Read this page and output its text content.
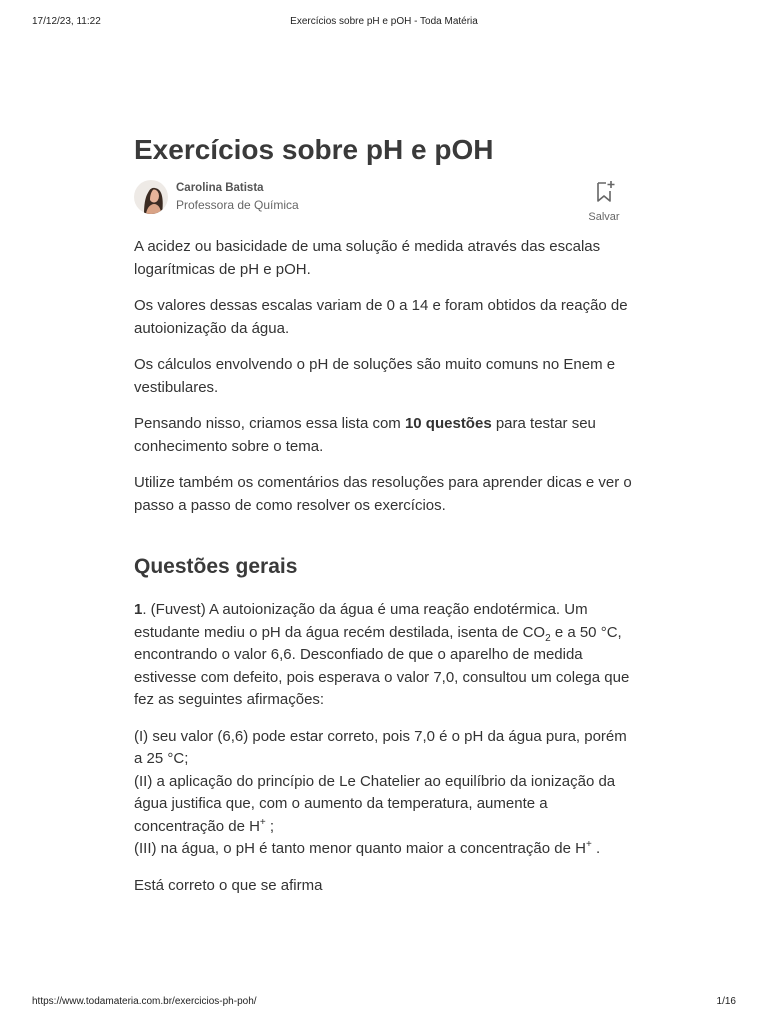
17/12/23, 11:22	Exercícios sobre pH e pOH - Toda Matéria
Exercícios sobre pH e pOH
Carolina Batista
Professora de Química
Salvar

A acidez ou basicidade de uma solução é medida através das escalas logarítmicas de pH e pOH.

Os valores dessas escalas variam de 0 a 14 e foram obtidos da reação de autoionização da água.

Os cálculos envolvendo o pH de soluções são muito comuns no Enem e vestibulares.

Pensando nisso, criamos essa lista com 10 questões para testar seu conhecimento sobre o tema.

Utilize também os comentários das resoluções para aprender dicas e ver o passo a passo de como resolver os exercícios.

Questões gerais

1. (Fuvest) A autoionização da água é uma reação endotérmica. Um estudante mediu o pH da água recém destilada, isenta de $CO_2$ e a 50 °C, encontrando o valor 6,6. Desconfiado de que o aparelho de medida estivesse com defeito, pois esperava o valor 7,0, consultou um colega que fez as seguintes afirmações:

(I) seu valor (6,6) pode estar correto, pois 7,0 é o pH da água pura, porém a 25 °C;

(II) a aplicação do princípio de Le Chatelier ao equilíbrio da ionização da água justifica que, com o aumento da temperatura, aumente a concentração de H+ ;

(III) na água, o pH é tanto menor quanto maior a concentração de H+ .

Está correto o que se afirma

https://www.todamateria.com.br/exercicios-ph-poh/	1/16
